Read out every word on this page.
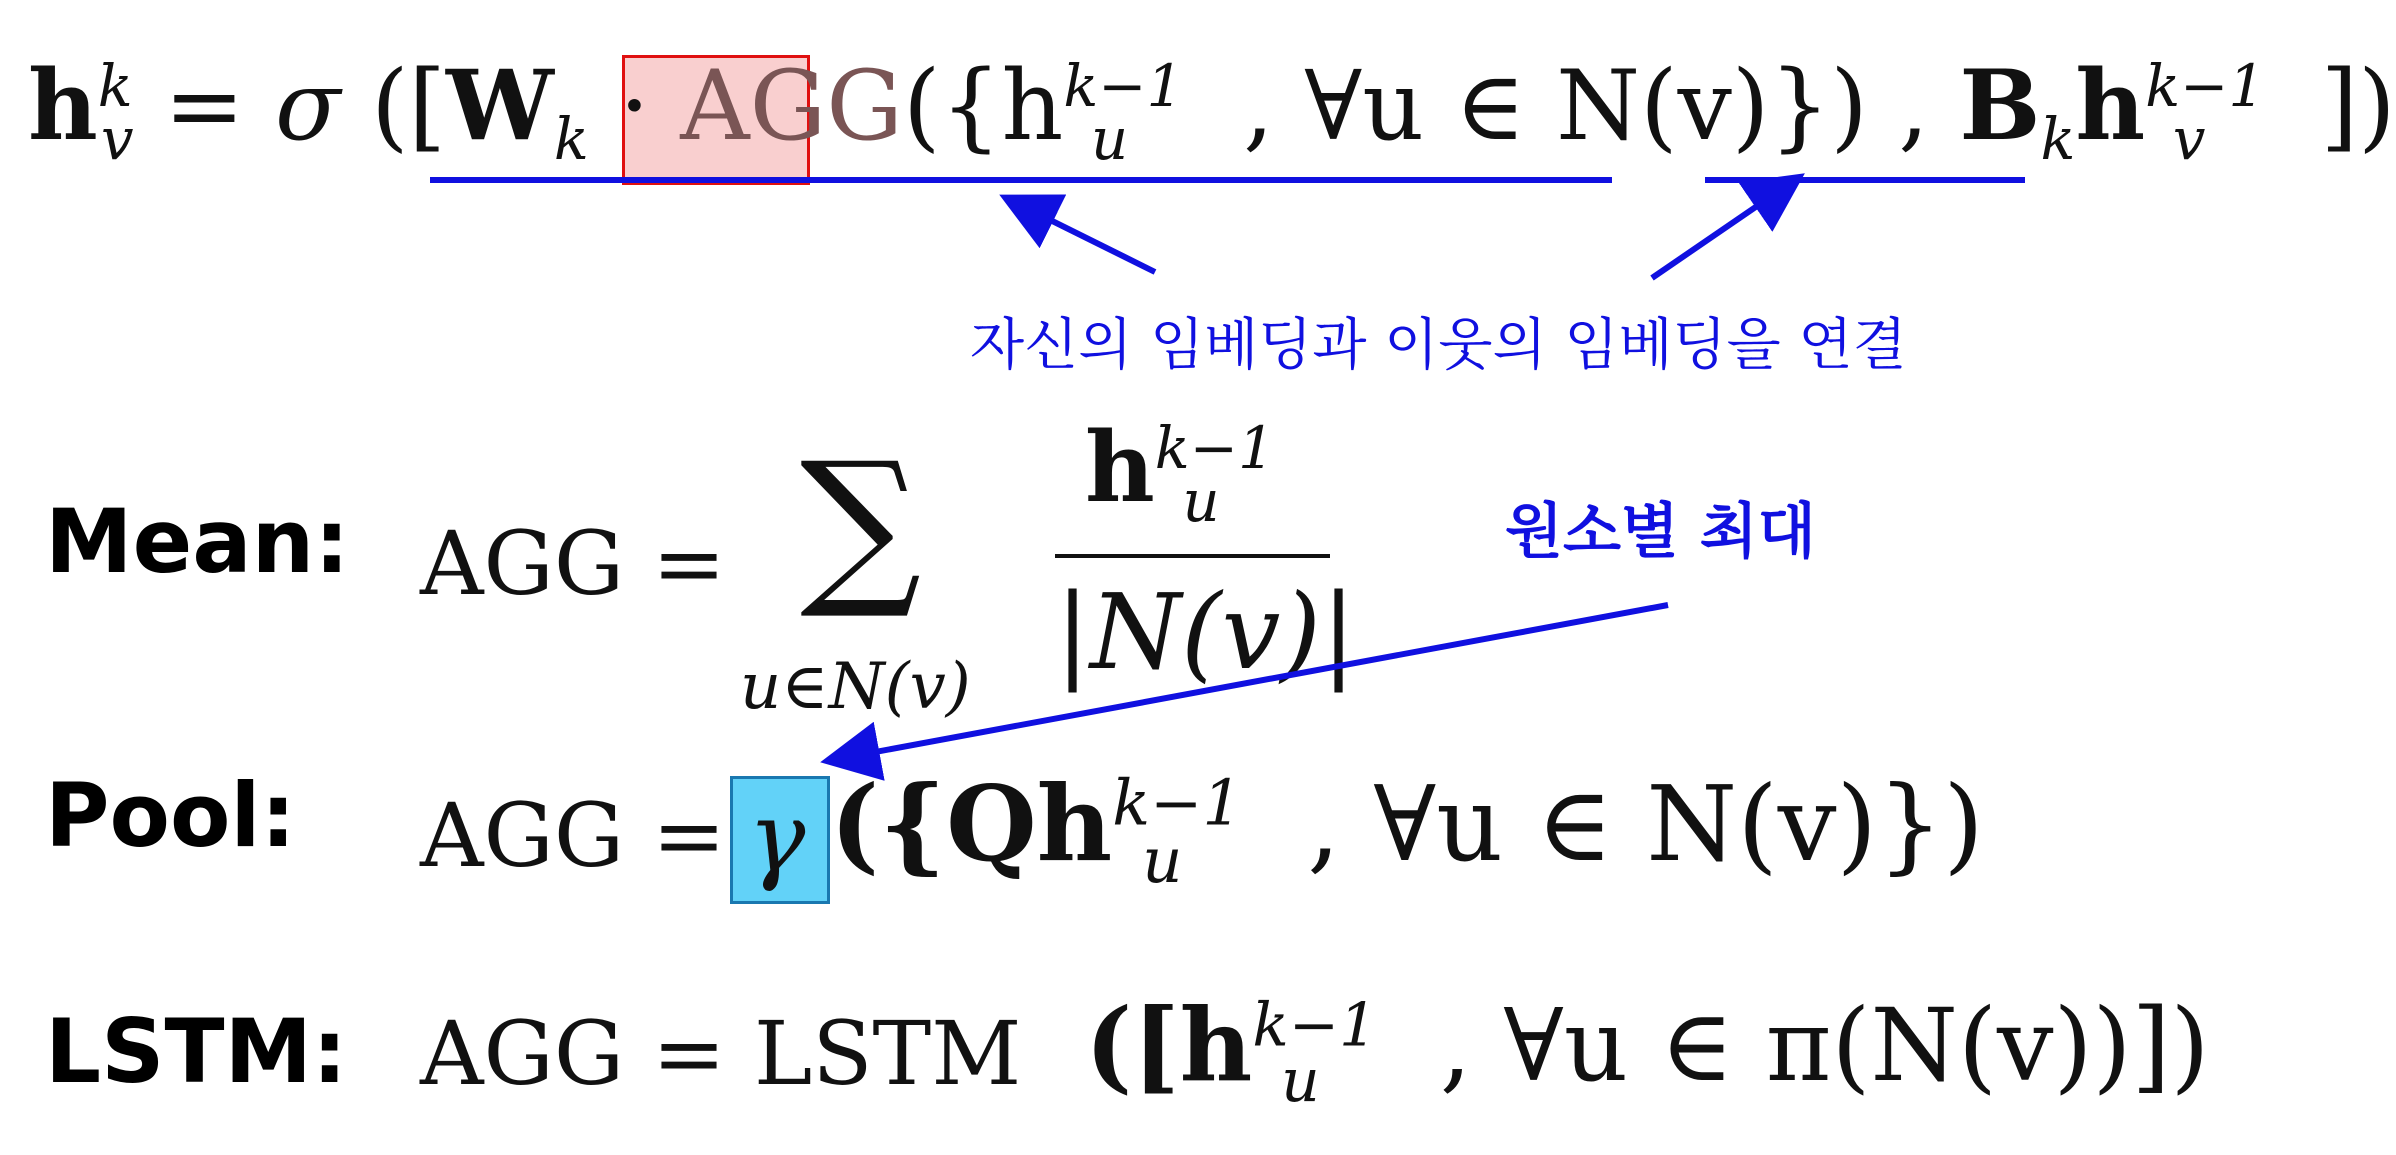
$h^k_v = \sigma$ ([$W_k \cdot AGG(\{h^{k-1}_u$ , ∀u ∈ N(v)}) , $B_kh^{k-1}_v$ ])
자신의 임베딩과 이웃의 임베딩을 연결
Mean: AGG = ∑
u∈N(v)
$h^{k-1}_u$
|N(v)|
원소별 최대
Pool: AGG = γ ({$Qh^{k-1}_u$ , ∀u ∈ N(v)})
LSTM: AGG = LSTM ([$h^{k-1}_u$ , ∀u ∈ π(N(v))])
